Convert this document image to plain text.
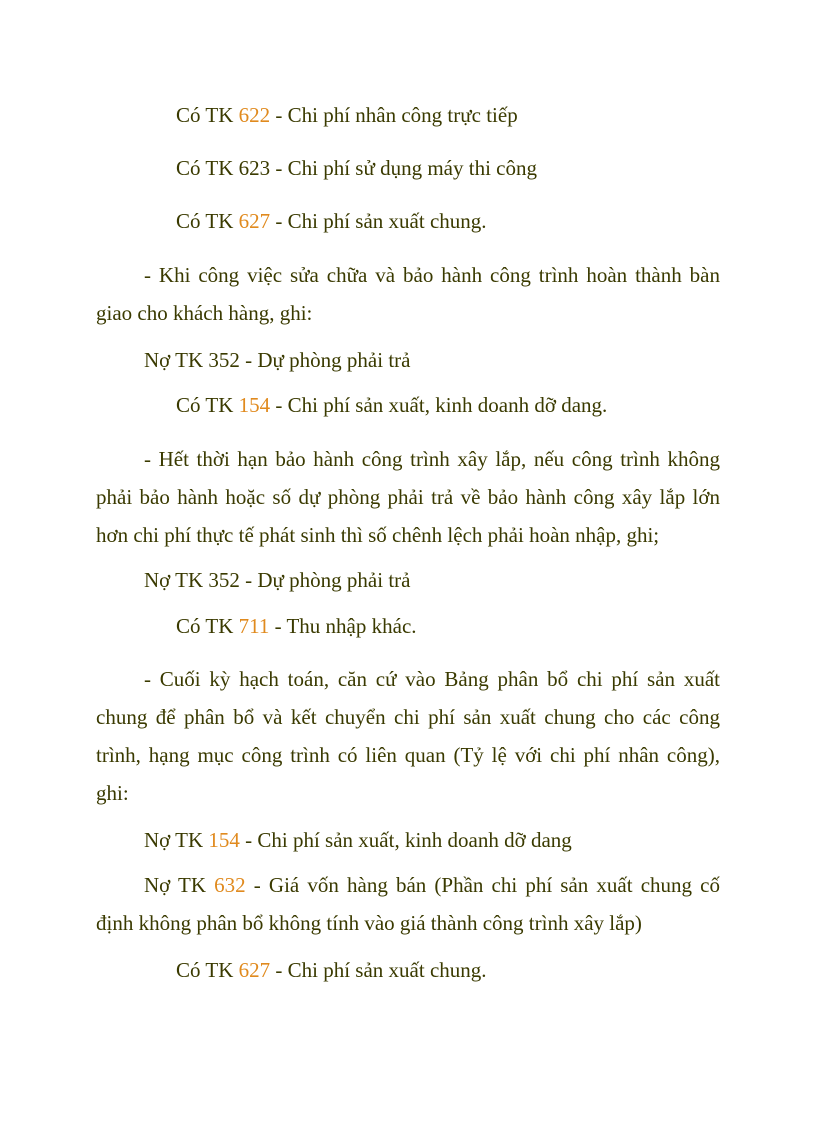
Có TK 622 - Chi phí nhân công trực tiếp
Có TK 623 - Chi phí sử dụng máy thi công
Có TK 627 - Chi phí sản xuất chung.
- Khi công việc sửa chữa và bảo hành công trình hoàn thành bàn
giao cho khách hàng, ghi:
Nợ TK 352 - Dự phòng phải trả
Có TK 154 - Chi phí sản xuất, kinh doanh dỡ dang.
- Hết thời hạn bảo hành công trình xây lắp, nếu công trình không
phải bảo hành hoặc số dự phòng phải trả về bảo hành công xây lắp lớn
hơn chi phí thực tế phát sinh thì số chênh lệch phải hoàn nhập, ghi;
Nợ TK 352 - Dự phòng phải trả
Có TK 711 - Thu nhập khác.
- Cuối kỳ hạch toán, căn cứ vào Bảng phân bổ chi phí sản xuất
chung để phân bổ và kết chuyển chi phí sản xuất chung cho các công
trình, hạng mục công trình có liên quan (Tỷ lệ với chi phí nhân công),
ghi:
Nợ TK 154 - Chi phí sản xuất, kinh doanh dỡ dang
Nợ TK 632 - Giá vốn hàng bán (Phần chi phí sản xuất chung cố
định không phân bổ không tính vào giá thành công trình xây lắp)
Có TK 627 - Chi phí sản xuất chung.
